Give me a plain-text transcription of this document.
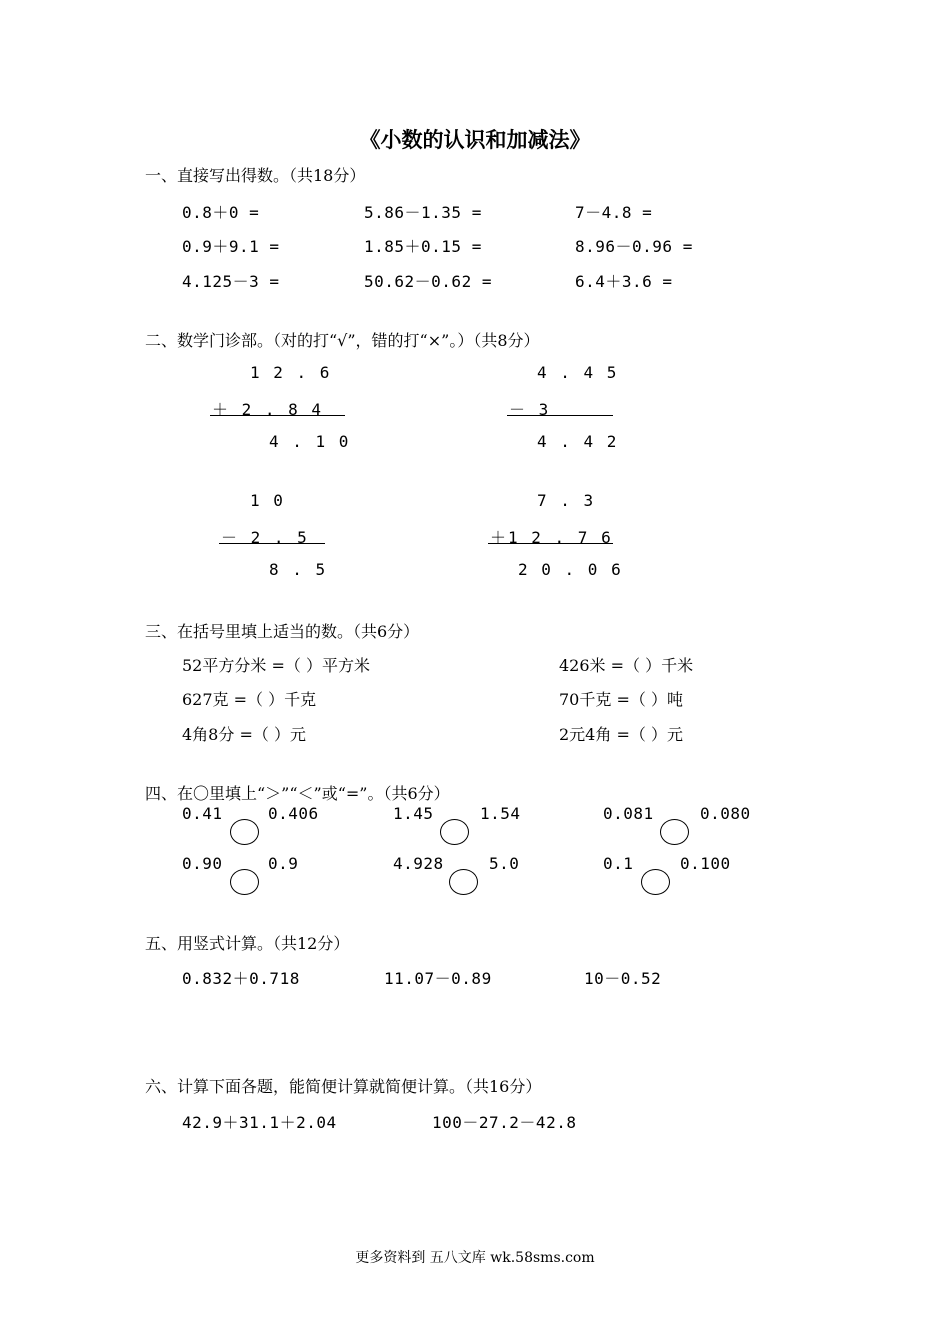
《小数的认识和加减法》
一、直接写出得数。（共18分）
0.8＋0 =	5.86－1.35 =	7－4.8 =
0.9＋9.1 =	1.85＋0.15 =	8.96－0.96 =
4.125－3 =	50.62－0.62 =	6.4＋3.6 =
二、数学门诊部。（对的打“√”，错的打“×”。）（共8分）
1 2 . 6
＋ 2 . 8 4
4 . 1 0
4 . 4 5
－ 3
4 . 4 2
1 0
－ 2 . 5
8 . 5
7 . 3
＋1 2 . 7 6
2 0 . 0 6
三、在括号里填上适当的数。（共6分）
52平方分米 =（ ）平方米	426米 =（ ）千米
627克 =（ ）千克	70千克 =（ ）吨
4角8分 =（ ）元	2元4角 =（ ）元
四、在〇里填上“＞”“＜”或“=”。（共6分）
0.41	0.406	1.45	1.54	0.081	0.080
0.90	0.9	4.928	5.0	0.1	0.100
五、用竖式计算。（共12分）
0.832＋0.718	11.07－0.89	10－0.52
六、计算下面各题，能简便计算就简便计算。（共16分）
42.9＋31.1＋2.04	100－27.2－42.8
更多资料到 五八文库 wk.58sms.com
